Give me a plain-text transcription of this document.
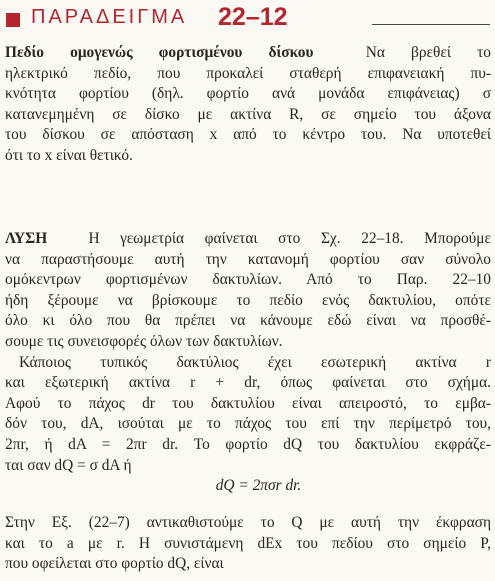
ΠΑΡΑΔΕΙΓΜΑ 22–12
Πεδίο ομογενώς φορτισμένου δίσκου	Να βρεθεί το
ηλεκτρικό πεδίο, που προκαλεί σταθερή επιφανειακή πυ-
κνότητα φορτίου (δηλ. φορτίο ανά μονάδα επιφάνειας) σ
κατανεμημένη σε δίσκο με ακτίνα R, σε σημείο του άξονα
του δίσκου σε απόσταση x από το κέντρο του. Να υποτεθεί
ότι το x είναι θετικό.
ΛΥΣΗ	Η γεωμετρία φαίνεται στο Σχ. 22–18. Μπορούμε
να παραστήσουμε αυτή την κατανομή φορτίου σαν σύνολο
ομόκεντρων φορτισμένων δακτυλίων. Από το Παρ. 22–10
ήδη ξέρουμε να βρίσκουμε το πεδίο ενός δακτυλίου, οπότε
όλο κι όλο που θα πρέπει να κάνουμε εδώ είναι να προσθέ-
σουμε τις συνεισφορές όλων των δακτυλίων.
Κάποιος τυπικός δακτύλιος έχει εσωτερική ακτίνα r
και εξωτερική ακτίνα r + dr, όπως φαίνεται στο σχήμα.
Αφού το πάχος dr του δακτυλίου είναι απειροστό, το εμβα-
δόν του, dA, ισούται με το πάχος του επί την περίμετρό του,
2πr, ή dA = 2πr dr. Το φορτίο dQ του δακτυλίου εκφράζε-
ται σαν dQ = σ dA ή
dQ = 2πσr dr.
Στην Εξ. (22–7) αντικαθιστούμε το Q με αυτή την έκφραση
και το a με r. Η συνιστάμενη dEx του πεδίου στο σημείο P,
που οφείλεται στο φορτίο dQ, είναι
